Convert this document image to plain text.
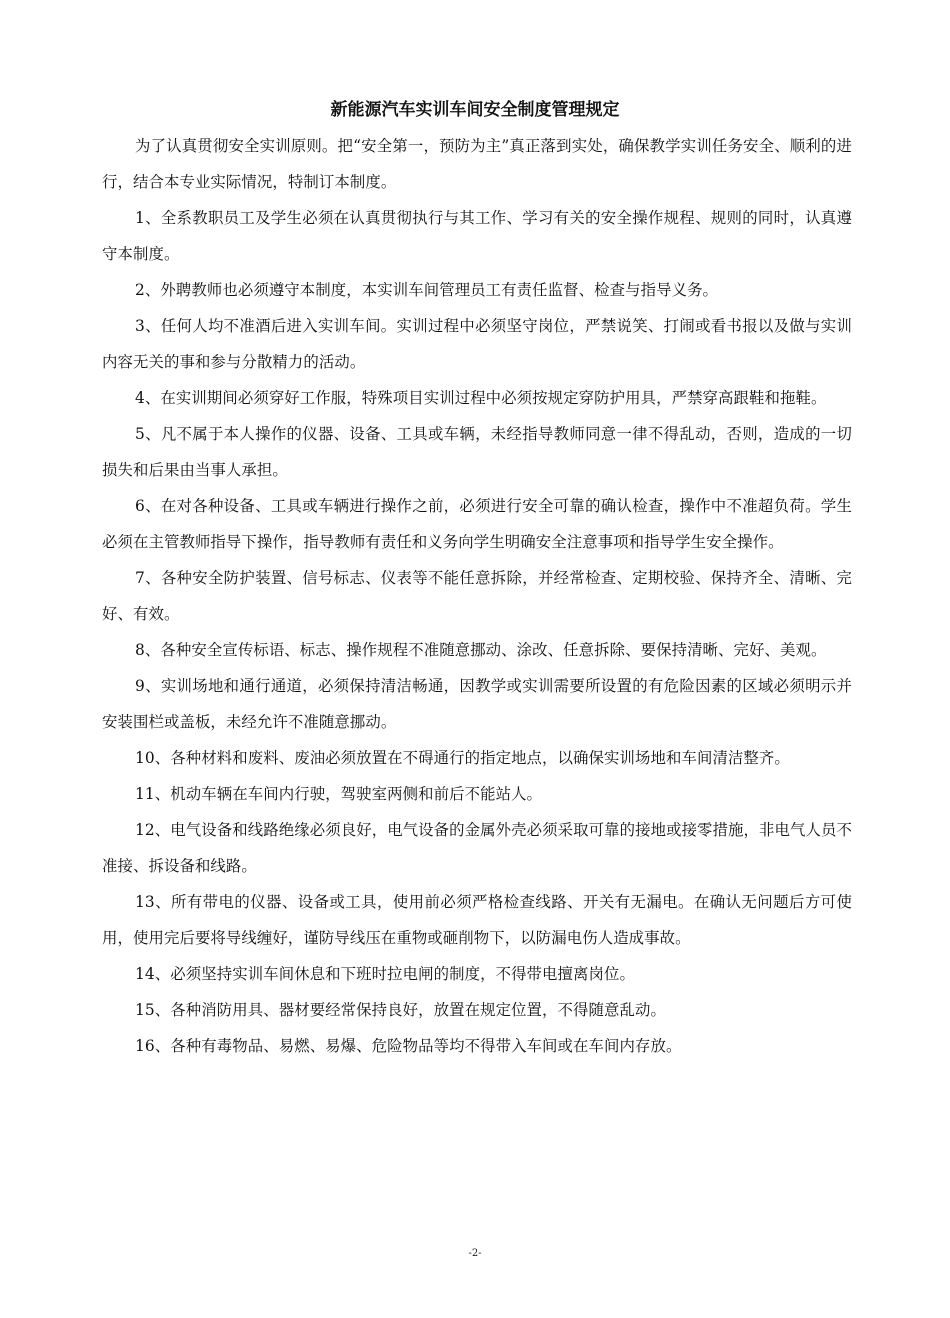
新能源汽车实训车间安全制度管理规定

为了认真贯彻安全实训原则。把“安全第一，预防为主”真正落到实处，确保教学实训任务安全、顺利的进行，结合本专业实际情况，特制订本制度。

1、全系教职员工及学生必须在认真贯彻执行与其工作、学习有关的安全操作规程、规则的同时，认真遵守本制度。

2、外聘教师也必须遵守本制度，本实训车间管理员工有责任监督、检查与指导义务。

3、任何人均不准酒后进入实训车间。实训过程中必须坚守岗位，严禁说笑、打闹或看书报以及做与实训内容无关的事和参与分散精力的活动。

4、在实训期间必须穿好工作服，特殊项目实训过程中必须按规定穿防护用具，严禁穿高跟鞋和拖鞋。

5、凡不属于本人操作的仪器、设备、工具或车辆，未经指导教师同意一律不得乱动，否则，造成的一切损失和后果由当事人承担。

6、在对各种设备、工具或车辆进行操作之前，必须进行安全可靠的确认检查，操作中不准超负荷。学生必须在主管教师指导下操作，指导教师有责任和义务向学生明确安全注意事项和指导学生安全操作。

7、各种安全防护装置、信号标志、仪表等不能任意拆除，并经常检查、定期校验、保持齐全、清晰、完好、有效。

8、各种安全宣传标语、标志、操作规程不准随意挪动、涂改、任意拆除、要保持清晰、完好、美观。

9、实训场地和通行通道，必须保持清洁畅通，因教学或实训需要所设置的有危险因素的区域必须明示并安装围栏或盖板，未经允许不准随意挪动。

10、各种材料和废料、废油必须放置在不碍通行的指定地点，以确保实训场地和车间清洁整齐。

11、机动车辆在车间内行驶，驾驶室两侧和前后不能站人。

12、电气设备和线路绝缘必须良好，电气设备的金属外壳必须采取可靠的接地或接零措施，非电气人员不准接、拆设备和线路。

13、所有带电的仪器、设备或工具，使用前必须严格检查线路、开关有无漏电。在确认无问题后方可使用，使用完后要将导线缠好，谨防导线压在重物或砸削物下，以防漏电伤人造成事故。

14、必须坚持实训车间休息和下班时拉电闸的制度，不得带电擅离岗位。

15、各种消防用具、器材要经常保持良好，放置在规定位置，不得随意乱动。

16、各种有毒物品、易燃、易爆、危险物品等均不得带入车间或在车间内存放。

-2-
